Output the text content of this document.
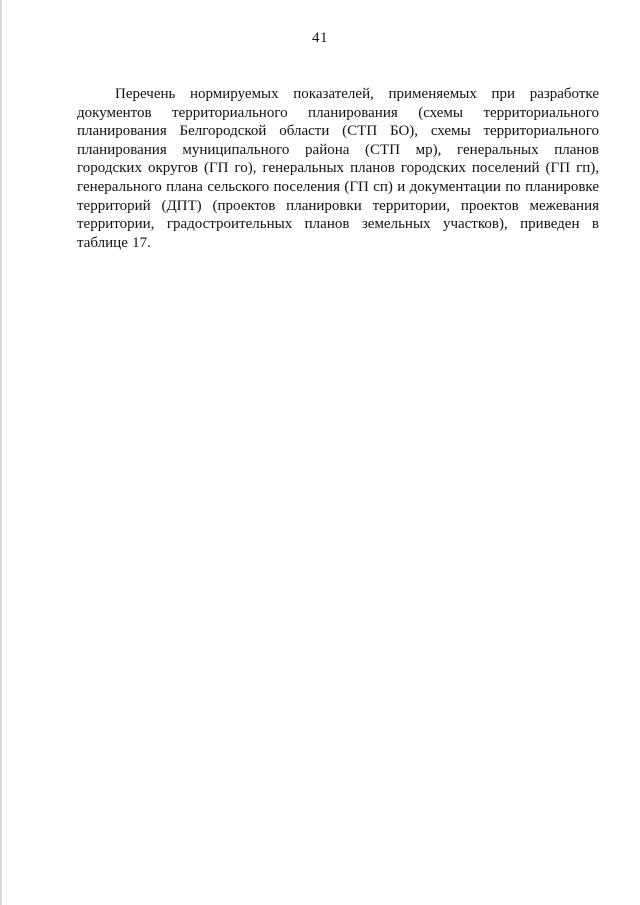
41

Перечень нормируемых показателей, применяемых при разработке документов территориального планирования (схемы территориального планирования Белгородской области (СТП БО), схемы территориального планирования муниципального района (СТП мр), генеральных планов городских округов (ГП го), генеральных планов городских поселений (ГП гп), генерального плана сельского поселения (ГП сп) и документации по планировке территорий (ДПТ) (проектов планировки территории, проектов межевания территории, градостроительных планов земельных участков), приведен в таблице 17.
